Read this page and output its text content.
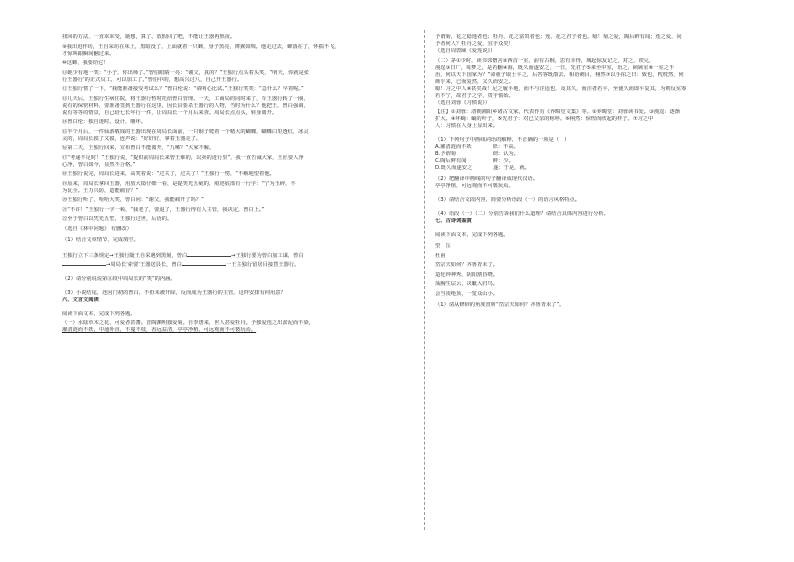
找回的方法，一直乖乖受，她想，算了，放假回了吧，不能让王器再熬夜。
⑨我出进作坊，王自采坊在床上，黑暗没了，上面就着一只蝉，身子黑亮，薄翼如绸。他走过去，蝉落在了，怀揣不飞，
才惊叫跟瞬间翻过来。
⑩这蝉，我要给它！
⑪她少有地一笑：“小子，你出师了。”曾伯眼睛一亮：“谢父，真的？”王独行点头着头笑，“明天，你就是张
行王器行’的正式员工，可以加工了。”曾伯中的，想高兴过八，自己开王器行。
⑫王独行愣了一下，“我能准备接受考试么？”曾白伦说：“请明心比试。”王独行笑笑：“急什么？早着呢。”
⑬几天后，王独行生病住院，将王器行暂时托给曾白管理。一天，工商局的同时来了，车王器行转了一圈，
说有的保密材料，要准备签到王器行在这里，因长县要杀王器行的人物，当时为什么？他把王，曾白强调，
说有等等的情景，自己给七长年行一件，让周局长一个月后来查。周局长点点头，转身离开。
⑭曾白伦：独自迷时，设计，雕坏。
⑮半个月后，一件仙游敬钱的王器出现在周局长面前，一只铜子爬着一个精大的蝴蝶，蝴蝶白里透红，冰灵
灵的，周局长摸了又摸，连声说：“好好好，拿着玉器走了。
⑯第二天，王独行回来，宣布曾白不能离开，“九嗦？”大家不解。
⑰“考递不足时！”王独行说，“提供前周局长来曾王难的，以卖的进行里”，我一直告诫大家，王匠要人净
心净，曾白如今，显然不合格。”
⑱王独行说完，周局长进来，高笑着说：“过关了，过关了！”王独行一愣，“不解地望着他。
⑲原来，周局长拿回玉器，用放大镜仔细一看，是提笑光五疵的，痕迹底部有一行字：“宁为玉碎，不
为瓦全。王力兴防，造能痛冒？”
⑳王独行听了，哈哈大笑，曾白问：“谢父，我能痛开了吗？”
㉑“不许！”王独行一字一顿，“我老了，要退了，王器行得有人主管，我决定，曾白上。”
㉒至于曾白以凭光五笙，王独行过世，后语的。
（选自《林中问题》 有删改）
（1）结合文章情节，完成填空。
王独行立下三条规定→王独行随王自采遇到黑刻，曾白	→王独行要为曾白加工谋，曾白
→周局长‘索要’王器送县长，曾白	一王主独行留居目接替王器行。
（2）请分别说说第⑪段中周局长的“笑”的内涵。
（3）小说结尾，还因门初的曾白，不但未被开除，反而成为王器行的主管，这样安排有何用意？
六、文言文阅读
阅读下面文本，完成下列各题。
（一）水陆草木之花，可爱者甚蕃。晋陶渊明独爱菊。自李唐来，世人甚爱牡丹。予独爱莲之出淤泥而不染，
濯清涟而不妖，中通外直，不蔓不枝，香远益清，亭亭净植，可远观而不可亵玩焉。
予谓菊，花之隐逸者也；牡丹，花之富贵者也；莲，花之君子者也。噫！菊之爱，陶后鲜有闻；莲之爱，同
予者何人？牡丹之爱，宜乎众矣！
（选自周敦颐《爱莲说》）
（二）茅①少时，读书邻僧舍②西首一室，前有古桐，思有幸得，城起惊友记之，对之，诶兄，
漫逞③日广，每梦之，是若翻④海，既久而遂安之，一日，先君子⑤来至中室，语之，顾顾室⑥一室之不
治，何以天下国家为？”命童子取士平之，后答客既散去，相语刺目，栩然⑦以手拍之曰：致也，枕枕然，何
颜乎来，已而复然，又久而安之。
噫！习之中人⑧甚矣哉！足之履平地，而不与洼适也，及其久，而洼者若平，至使久而即平复其，为则反室筹
若不宁，故君子之学，贵乎慎始。
（选自刘蓉《习惯说》）
【注】①刘蓉：清朝湘阳乡诸古文家，代表作有《养晦堂文集》等。②养晦堂：刘蓉读书处。③漫逞：逐渐
扩大。④坏蝇：蛹的叶子，⑤先君子：对已父亲的称呼。⑥栩然：惊惶而欣起的样子。⑦习之中
人：习惯在人身上显出来。
（1）下列句子中画线词语的解释，不正确的一项是（　）
A.濯清涟而不妖　　　　妖：不高。
B.予谓菊　　　　　　　谓：认为。
C.陶后鲜有闻　　　　　鲜：少。
D.既久而遂安之　　　　遂：于是，就。
（2）把翻译中画线的句子翻译成现代汉语。
亭亭净植，可远观而不可亵玩焉。
（3）请结合文段内容，简要分析语段（一）的语言风格特点。
（4）语段（一）（二）分别告诉我们什么道理？请结合具体内容进行分析。
七、古诗词鉴赏
阅读下面文本，完成下列各题。
望　岳
杜甫
岱宗夫如何？齐鲁青未了。
造化钟神秀，阴阳割昏晓。
荡胸生层云，决眦入归鸟。
会当凌绝顶，一览众山小。
（1）请从修辞的角度赏析“岱宗夫如何？齐鲁青未了”。
